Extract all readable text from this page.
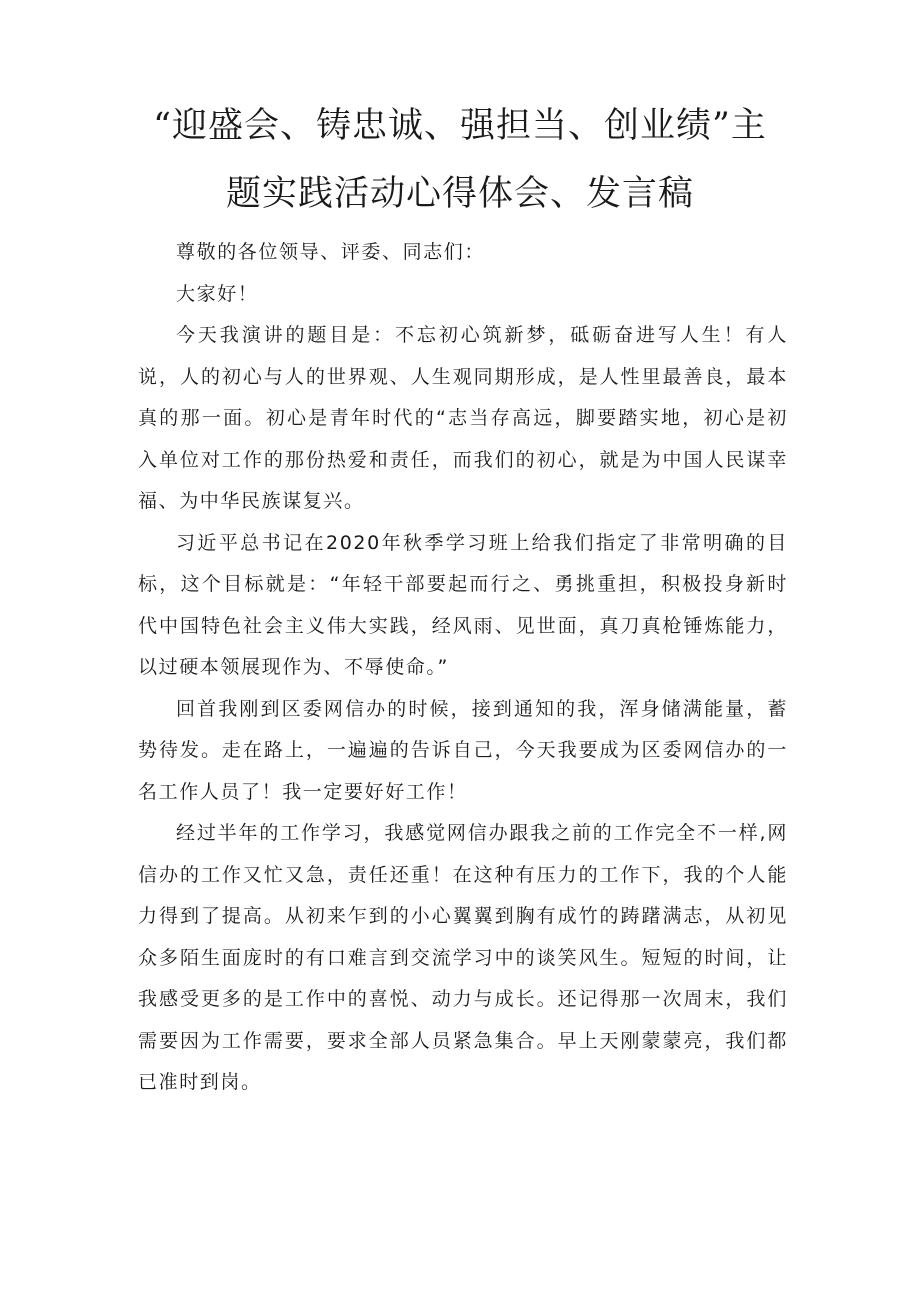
“迎盛会、铸忠诚、强担当、创业绩”主
题实践活动心得体会、发言稿

尊敬的各位领导、评委、同志们：

大家好！

今天我演讲的题目是：不忘初心筑新梦，砥砺奋进写人生！有人说，人的初心与人的世界观、人生观同期形成，是人性里最善良，最本真的那一面。初心是青年时代的“志当存高远，脚要踏实地，初心是初入单位对工作的那份热爱和责任，而我们的初心，就是为中国人民谋幸福、为中华民族谋复兴。

习近平总书记在2020年秋季学习班上给我们指定了非常明确的目标，这个目标就是：“年轻干部要起而行之、勇挑重担，积极投身新时代中国特色社会主义伟大实践，经风雨、见世面，真刀真枪锤炼能力，以过硬本领展现作为、不辱使命。”

回首我刚到区委网信办的时候，接到通知的我，浑身储满能量，蓄势待发。走在路上，一遍遍的告诉自己，今天我要成为区委网信办的一名工作人员了！我一定要好好工作！

经过半年的工作学习，我感觉网信办跟我之前的工作完全不一样,网信办的工作又忙又急，责任还重！在这种有压力的工作下，我的个人能力得到了提高。从初来乍到的小心翼翼到胸有成竹的踌躇满志，从初见众多陌生面庞时的有口难言到交流学习中的谈笑风生。短短的时间，让我感受更多的是工作中的喜悦、动力与成长。还记得那一次周末，我们需要因为工作需要，要求全部人员紧急集合。早上天刚蒙蒙亮，我们都已准时到岗。
